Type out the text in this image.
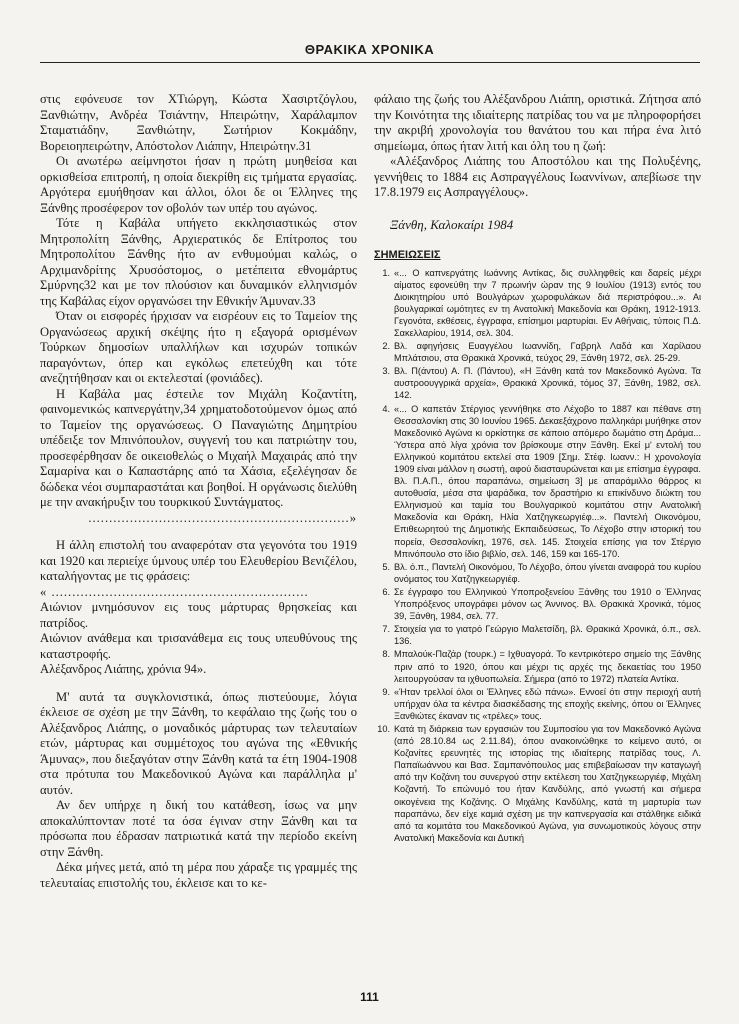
ΘΡΑΚΙΚΑ ΧΡΟΝΙΚΑ

στις εφόνευσε τον ΧΤιώργη, Κώστα Χασιρτζόγλου, Ξανθιώτην, Ανδρέα Τσιάντην, Ηπειρώτην, Χαράλαμπον Σταματιάδην, Ξανθιώτην, Σωτήριον Κοκμάδην, Βορειοηπειρώτην, Απόστολον Λιάπην, Ηπειρώτην.31

Οι ανωτέρω αείμνηστοι ήσαν η πρώτη μυηθείσα και ορκισθείσα επιτροπή, η οποία διεκρίθη εις τμήματα εργασίας. Αργότερα εμυήθησαν και άλλοι, όλοι δε οι Έλληνες της Ξάνθης προσέφερον τον οβολόν των υπέρ του αγώνος.

Τότε η Καβάλα υπήγετο εκκλησιαστικώς στον Μητροπολίτη Ξάνθης, Αρχιερατικός δε Επίτροπος του Μητροπολίτου Ξάνθης ήτο αν ενθυμούμαι καλώς, ο Αρχιμανδρίτης Χρυσόστομος, ο μετέπειτα εθνομάρτυς Σμύρνης32 και με τον πλούσιον και δυναμικόν ελληνισμόν της Καβάλας είχον οργανώσει την Εθνικήν Άμυναν.33

Όταν οι εισφορές ήρχισαν να εισρέουν εις το Ταμείον της Οργανώσεως αρχική σκέψης ήτο η εξαγορά ορισμένων Τούρκων δημοσίων υπαλλήλων και ισχυρών τοπικών παραγόντων, όπερ και εγκόλως επετεύχθη και τότε ανεζητήθησαν και οι εκτελεσταί (φονιάδες).

Η Καβάλα μας έστειλε τον Μιχάλη Κοζαντίτη, φαινομενικώς καπνεργάτην,34 χρηματοδοτούμενον όμως από το Ταμείον της οργανώσεως. Ο Παναγιώτης Δημητρίου υπέδειξε τον Μπινόπουλον, συγγενή του και πατριώτην του, προσεφέρθησαν δε οικειοθελώς ο Μιχαήλ Μαχαιράς από την Σαμαρίνα και ο Καπαστάρης από τα Χάσια, εξελέγησαν δε δώδεκα νέοι συμπαραστάται και βοηθοί. Η οργάνωσις διελύθη με την ανακήρυξιν του τουρκικού Συντάγματος.

...............................................................»

Η άλλη επιστολή του αναφερόταν στα γεγονότα του 1919 και 1920 και περιείχε ύμνους υπέρ του Ελευθερίου Βενιζέλου, καταλήγοντας με τις φράσεις:

« ..............................................................

Αιώνιον μνημόσυνον εις τους μάρτυρας θρησκείας και πατρίδος.

Αιώνιον ανάθεμα και τρισανάθεμα εις τους υπευθύνους της καταστροφής.

Αλέξανδρος Λιάπης, χρόνια 94».

Μ' αυτά τα συγκλονιστικά, όπως πιστεύουμε, λόγια έκλεισε σε σχέση με την Ξάνθη, το κεφάλαιο της ζωής του ο Αλέξανδρος Λιάπης, ο μοναδικός μάρτυρας των τελευταίων ετών, μάρτυρας και συμμέτοχος του αγώνα της «Εθνικής Άμυνας», που διεξαγόταν στην Ξάνθη κατά τα έτη 1904-1908 στα πρότυπα του Μακεδονικού Αγώνα και παράλληλα μ' αυτόν.

Αν δεν υπήρχε η δική του κατάθεση, ίσως να μην αποκαλύπτονταν ποτέ τα όσα έγιναν στην Ξάνθη και τα πρόσωπα που έδρασαν πατριωτικά κατά την περίοδο εκείνη στην Ξάνθη.

Δέκα μήνες μετά, από τη μέρα που χάραξε τις γραμμές της τελευταίας επιστολής του, έκλεισε και το κε-

φάλαιο της ζωής του Αλέξανδρου Λιάπη, οριστικά. Ζήτησα από την Κοινότητα της ιδιαίτερης πατρίδας του να με πληροφορήσει την ακριβή χρονολογία του θανάτου του και πήρα ένα λιτό σημείωμα, όπως ήταν λιτή και όλη του η ζωή:

«Αλέξανδρος Λιάπης του Αποστόλου και της Πολυξένης, γεννήθεις το 1884 εις Ασπραγγέλους Ιωαννίνων, απεβίωσε την 17.8.1979 εις Ασπραγγέλους».

Ξάνθη, Καλοκαίρι 1984
ΣΗΜΕΙΩΣΕΙΣ
1. «... Ο καπνεργάτης Ιωάννης Αντίκας, δις συλληφθείς και δαρείς μέχρι αίματος εφονεύθη την 7 πρωινήν ώραν της 9 Ιουλίου (1913) εντός του Διοικητηρίου υπό Βουλγάρων χωροφυλάκων διά περιστρόφου...». Αι βουλγαρικαί ωμότητες εν τη Ανατολική Μακεδονία και Θράκη, 1912-1913. Γεγονότα, εκθέσεις, έγγραφα, επίσημοι μαρτυρίαι. Εν Αθήναις, τύποις Π.Δ. Σακελλαρίου, 1914, σελ. 304.
2. Βλ. αφηγήσεις Ευαγγέλου Ιωαννίδη, Γαβρηλ Λαδά και Χαρίλαου Μπλάτσιου, στα Θρακικά Χρονικά, τεύχος 29, Ξάνθη 1972, σελ. 25-29.
3. Βλ. Π(άντου) Α. Π. (Πάντου), «Η Ξάνθη κατά τον Μακεδονικό Αγώνα. Τα αυστροουγγρικά αρχεία», Θρακικά Χρονικά, τόμος 37, Ξάνθη, 1982, σελ. 142.
4. «... Ο καπετάν Στέργιος γεννήθηκε στο Λέχοβο το 1887 και πέθανε στη Θεσσαλονίκη στις 30 Ιουνίου 1965. Δεκαεξάχρονο παλληκάρι μυήθηκε στον Μακεδονικό Αγώνα κι ορκίστηκε σε κάποιο απόμερο δωμάτιο στη Δράμα... Ύστερα από λίγα χρόνια τον βρίσκουμε στην Ξάνθη. Εκεί μ' εντολή του Ελληνικού κομιτάτου εκτελεί στα 1909 [Σημ. Στέφ. Ιωανν.: Η χρονολογία 1909 είναι μάλλον η σωστή, αφού διασταυρώνεται και με επίσημα έγγραφα. Βλ. Π.Α.Π., όπου παραπάνω, σημείωση 3] με απαράμιλλο θάρρος κι αυτοθυσία, μέσα στα ψαράδικα, τον δραστήριο κι επικίνδυνο διώκτη του Ελληνισμού και ταμία του Βουλγαρικού κομιτάτου στην Ανατολική Μακεδονία και Θράκη, Ηλία Χατζηγκεωργιέφ...». Παντελή Οικονόμου, Επιθεωρητού της Δημοτικής Εκπαιδεύσεως, Το Λέχοβο στην ιστορική του πορεία, Θεσσαλονίκη, 1976, σελ. 145. Στοιχεία επίσης για τον Στέργιο Μπινόπουλο στο ίδιο βιβλίο, σελ. 146, 159 και 165-170.
5. Βλ. ό.π., Παντελή Οικονόμου, Το Λέχοβο, όπου γίνεται αναφορά του κυρίου ονόματος του Χατζηγκεωργιέφ.
6. Σε έγγραφο του Ελληνικού Υποπροξενείου Ξάνθης του 1910 ο Έλληνας Υποπρόξενος υπογράφει μόνον ως Άννινος. Βλ. Θρακικά Χρονικά, τόμος 39, Ξάνθη, 1984, σελ. 77.
7. Στοιχεία για το γιατρό Γεώργιο Μαλετσίδη, βλ. Θρακικά Χρονικά, ό.π., σελ. 136.
8. Μπαλούκ-Παζάρ (τουρκ.) = Ιχθυαγορά. Το κεντρικότερο σημείο της Ξάνθης πριν από το 1920, όπου και μέχρι τις αρχές της δεκαετίας του 1950 λειτουργούσαν τα ιχθυοπωλεία. Σήμερα (από το 1972) πλατεία Αντίκα.
9. «Ήταν τρελλοί όλοι οι Έλληνες εδώ πάνω». Εννοεί ότι στην περιοχή αυτή υπήρχαν όλα τα κέντρα διασκέδασης της εποχής εκείνης, όπου οι Έλληνες Ξανθιώτες έκαναν τις «τρέλες» τους.
10. Κατά τη διάρκεια των εργασιών του Συμποσίου για τον Μακεδονικό Αγώνα (από 28.10.84 ως 2.11.84), όπου ανακοινώθηκε το κείμενο αυτό, οι Κοζανίτες ερευνητές της ιστορίας της ιδιαίτερης πατρίδας τους, Λ. Παπαϊωάννου και Βασ. Σαμπανόπουλος μας επιβεβαίωσαν την καταγωγή από την Κοζάνη του συνεργού στην εκτέλεση του Χατζηγκεωργιέφ, Μιχάλη Κοζαντή. Το επώνυμό του ήταν Κανδύλης, από γνωστή και σήμερα οικογένεια της Κοζάνης. Ο Μιχάλης Κανδύλης, κατά τη μαρτυρία των παραπάνω, δεν είχε καμιά σχέση με την καπνεργασία και στάλθηκε ειδικά από τα κομιτάτα του Μακεδονικού Αγώνα, για συνωμοτικούς λόγους στην Ανατολική Μακεδονία και Δυτική
111
